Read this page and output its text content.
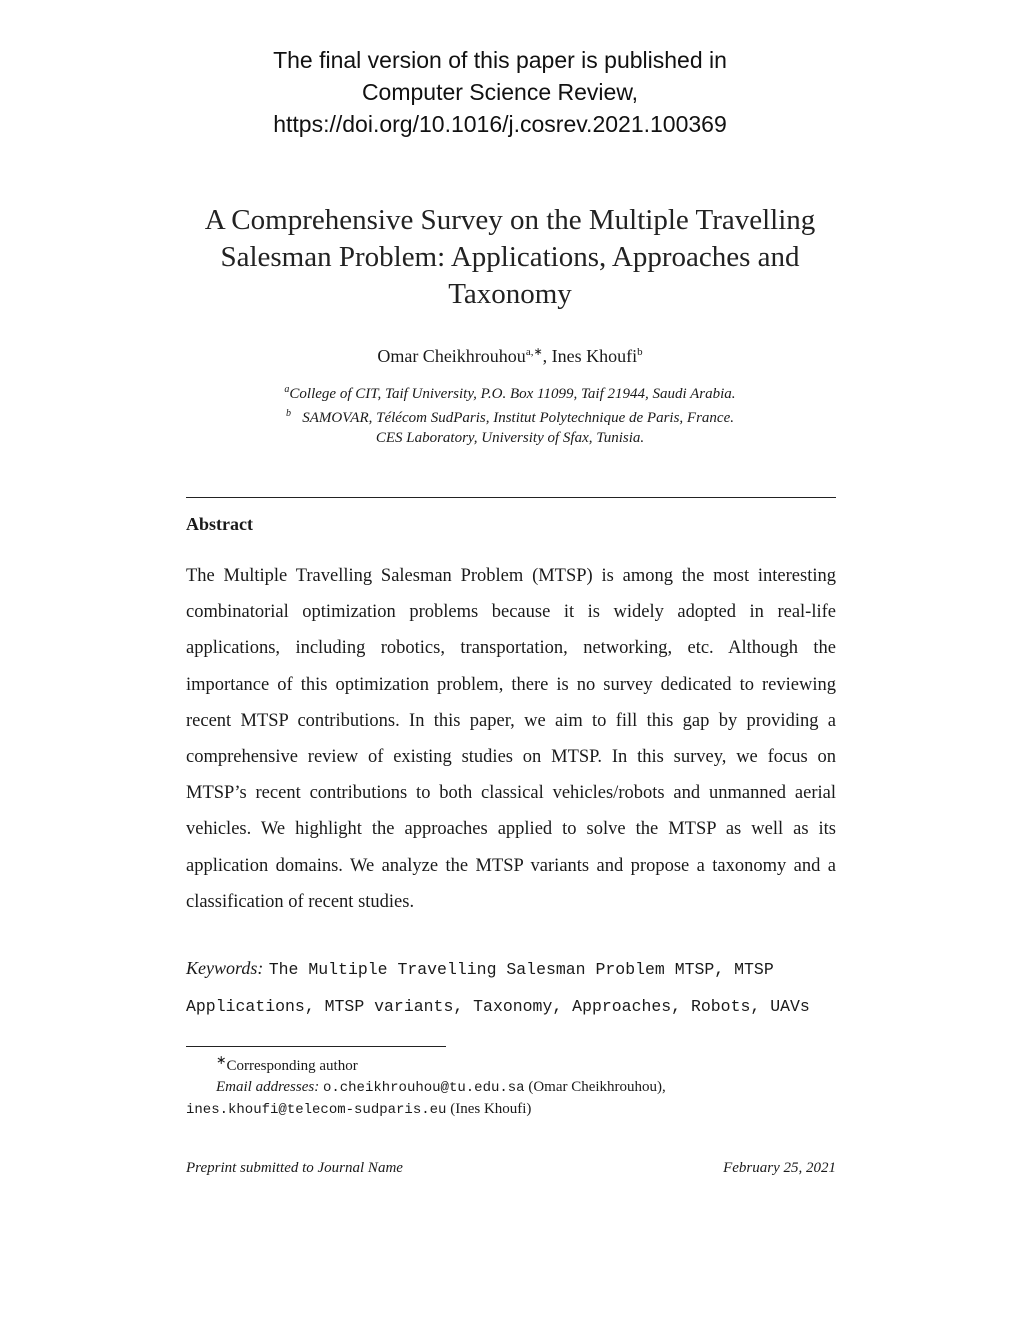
The final version of this paper is published in
Computer Science Review,
https://doi.org/10.1016/j.cosrev.2021.100369
A Comprehensive Survey on the Multiple Travelling
Salesman Problem: Applications, Approaches and
Taxonomy
Omar Cheikhrouhou$^{a,∗}$, Ines Khoufi$^b$
$^a$College of CIT, Taif University, P.O. Box 11099, Taif 21944, Saudi Arabia.
$^b$ SAMOVAR, Télécom SudParis, Institut Polytechnique de Paris, France.
CES Laboratory, University of Sfax, Tunisia.
Abstract
The Multiple Travelling Salesman Problem (MTSP) is among the most interesting combinatorial optimization problems because it is widely adopted in real-life applications, including robotics, transportation, networking, etc. Although the importance of this optimization problem, there is no survey dedicated to reviewing recent MTSP contributions. In this paper, we aim to fill this gap by providing a comprehensive review of existing studies on MTSP. In this survey, we focus on MTSP’s recent contributions to both classical vehicles/robots and unmanned aerial vehicles. We highlight the approaches applied to solve the MTSP as well as its application domains. We analyze the MTSP variants and propose a taxonomy and a classification of recent studies.
Keywords: The Multiple Travelling Salesman Problem MTSP, MTSP Applications, MTSP variants, Taxonomy, Approaches, Robots, UAVs
∗Corresponding author
Email addresses: o.cheikhrouhou@tu.edu.sa (Omar Cheikhrouhou),
ines.khoufi@telecom-sudparis.eu (Ines Khoufi)
Preprint submitted to Journal Name	February 25, 2021
